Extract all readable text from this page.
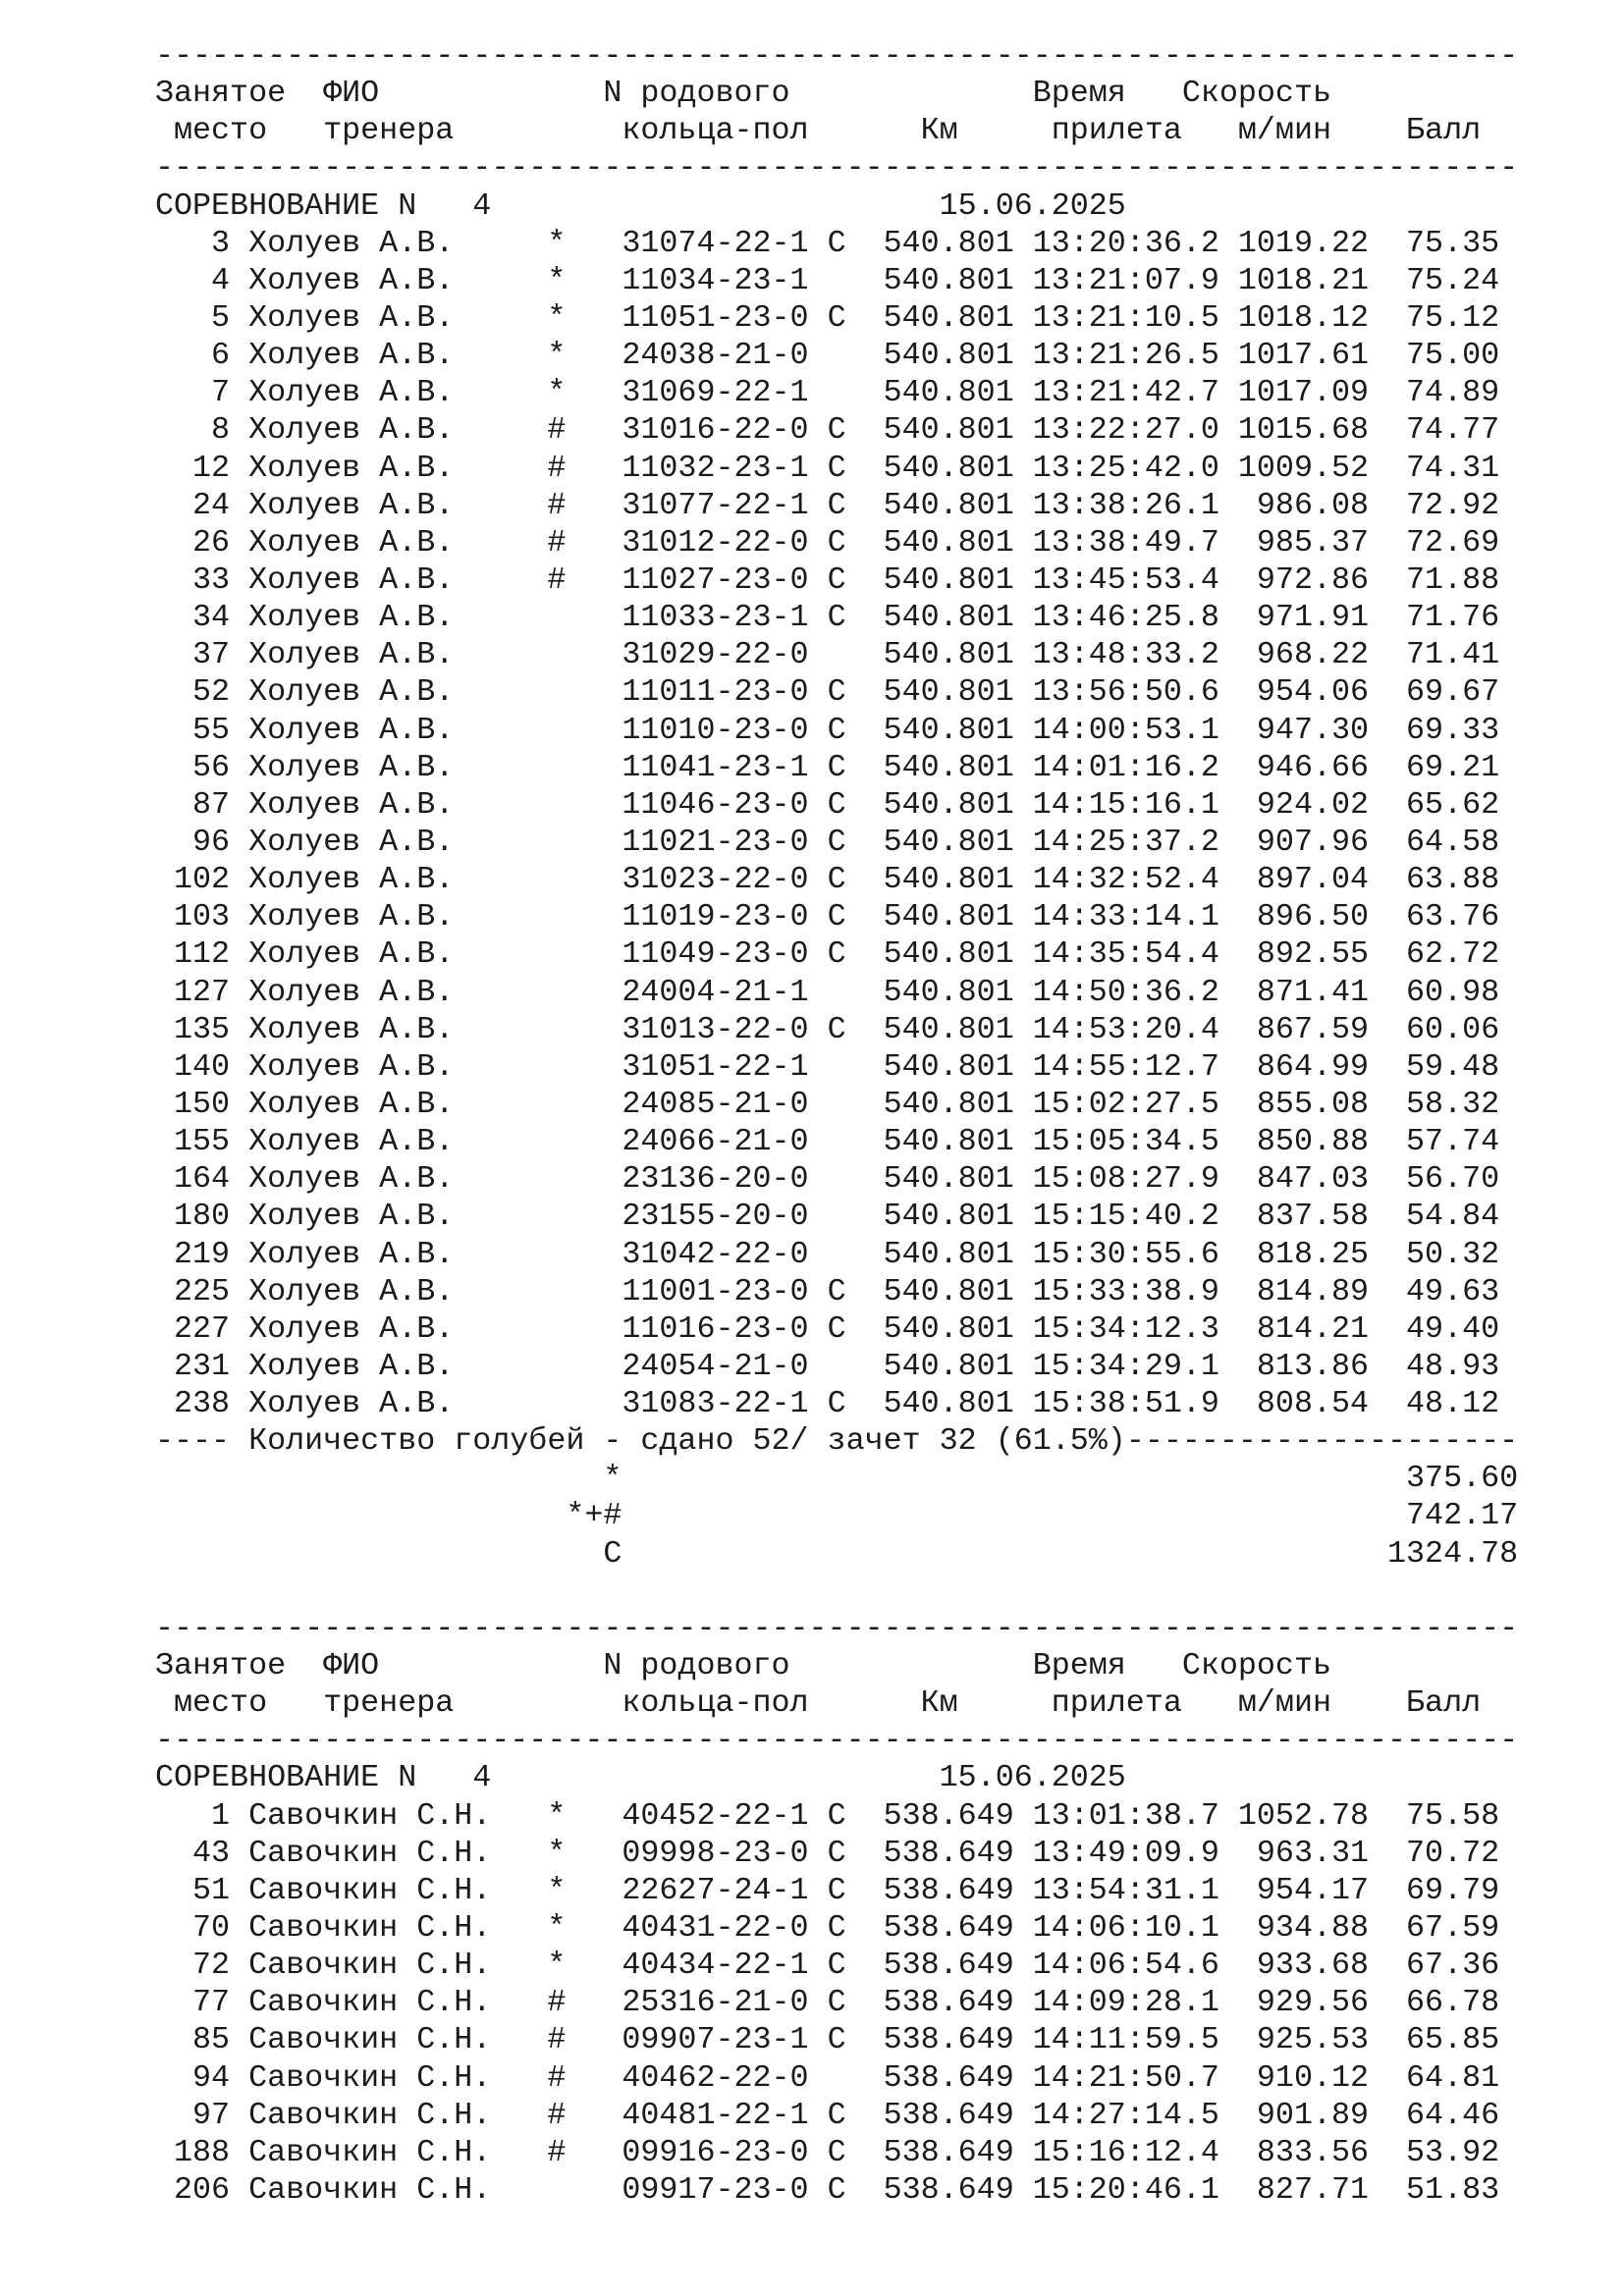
-------------------------------------------------------------------------
Занятое ФИО	N родового	Время Скорость
место тренера	кольца-пол	Км	прилета м/мин Балл
-------------------------------------------------------------------------
СОРЕВНОВАНИЕ N 4	15.06.2025
3 Холуев А.В.     *   31074-22-1 С 540.801 13:20:36.2 1019.22  75.35
4 Холуев А.В.     *   11034-23-1 540.801 13:21:07.9 1018.21  75.24
5 Холуев А.В.     *   11051-23-0 С 540.801 13:21:10.5 1018.12  75.12
6 Холуев А.В.     *   24038-21-0 540.801 13:21:26.5 1017.61  75.00
7 Холуев А.В.     *   31069-22-1 540.801 13:21:42.7 1017.09  74.89
8 Холуев А.В.     #   31016-22-0 С 540.801 13:22:27.0 1015.68  74.77
12 Холуев А.В.     #   11032-23-1 С 540.801 13:25:42.0 1009.52  74.31
24 Холуев А.В.     #   31077-22-1 С 540.801 13:38:26.1  986.08  72.92
26 Холуев А.В.     #   31012-22-0 С 540.801 13:38:49.7  985.37  72.69
33 Холуев А.В.     #   11027-23-0 С 540.801 13:45:53.4  972.86  71.88
34 Холуев А.В.         11033-23-1 С 540.801 13:46:25.8  971.91  71.76
37 Холуев А.В.         31029-22-0 540.801 13:48:33.2  968.22  71.41
52 Холуев А.В.         11011-23-0 С 540.801 13:56:50.6  954.06  69.67
55 Холуев А.В.         11010-23-0 С 540.801 14:00:53.1  947.30  69.33
56 Холуев А.В.         11041-23-1 С 540.801 14:01:16.2  946.66  69.21
87 Холуев А.В.         11046-23-0 С 540.801 14:15:16.1  924.02  65.62
96 Холуев А.В.         11021-23-0 С 540.801 14:25:37.2  907.96  64.58
102 Холуев А.В.         31023-22-0 С 540.801 14:32:52.4  897.04  63.88
103 Холуев А.В.         11019-23-0 С 540.801 14:33:14.1  896.50  63.76
112 Холуев А.В.         11049-23-0 С 540.801 14:35:54.4  892.55  62.72
127 Холуев А.В.         24004-21-1 540.801 14:50:36.2  871.41  60.98
135 Холуев А.В.         31013-22-0 С 540.801 14:53:20.4  867.59  60.06
140 Холуев А.В.         31051-22-1 540.801 14:55:12.7  864.99  59.48
150 Холуев А.В.         24085-21-0 540.801 15:02:27.5  855.08  58.32
155 Холуев А.В.         24066-21-0 540.801 15:05:34.5  850.88  57.74
164 Холуев А.В.         23136-20-0 540.801 15:08:27.9  847.03  56.70
180 Холуев А.В.         23155-20-0 540.801 15:15:40.2  837.58  54.84
219 Холуев А.В.         31042-22-0 540.801 15:30:55.6  818.25  50.32
225 Холуев А.В.         11001-23-0 С 540.801 15:33:38.9  814.89  49.63
227 Холуев А.В.         11016-23-0 С 540.801 15:34:12.3  814.21  49.40
231 Холуев А.В.         24054-21-0 540.801 15:34:29.1  813.86  48.93
238 Холуев А.В.         31083-22-1 С 540.801 15:38:51.9  808.54  48.12
---- Количество голубей - сдано 52/ зачет 32 (61.5%)---------------------
*	375.60
*+#	742.17
С	1324.78

-------------------------------------------------------------------------
Занятое ФИО	N родового	Время Скорость
место тренера	кольца-пол	Км	прилета м/мин Балл
-------------------------------------------------------------------------
СОРЕВНОВАНИЕ N 4	15.06.2025
1 Савочкин С.Н.   *   40452-22-1 С 538.649 13:01:38.7 1052.78  75.58
43 Савочкин С.Н.   *   09998-23-0 С 538.649 13:49:09.9  963.31  70.72
51 Савочкин С.Н.   *   22627-24-1 С 538.649 13:54:31.1  954.17  69.79
70 Савочкин С.Н.   *   40431-22-0 С 538.649 14:06:10.1  934.88  67.59
72 Савочкин С.Н.   *   40434-22-1 С 538.649 14:06:54.6  933.68  67.36
77 Савочкин С.Н.   #   25316-21-0 С 538.649 14:09:28.1  929.56  66.78
85 Савочкин С.Н.   #   09907-23-1 С 538.649 14:11:59.5  925.53  65.85
94 Савочкин С.Н.   #   40462-22-0 538.649 14:21:50.7  910.12  64.81
97 Савочкин С.Н.   #   40481-22-1 С 538.649 14:27:14.5  901.89  64.46
188 Савочкин С.Н.   #   09916-23-0 С 538.649 15:16:12.4  833.56  53.92
206 Савочкин С.Н.       09917-23-0 С 538.649 15:20:46.1  827.71  51.83
